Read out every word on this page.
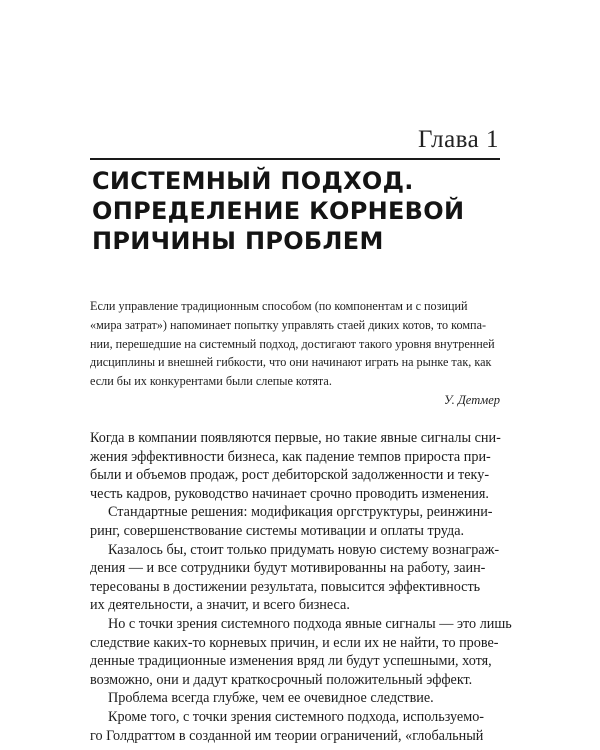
Глава 1
СИСТЕМНЫЙ ПОДХОД.
ОПРЕДЕЛЕНИЕ КОРНЕВОЙ
ПРИЧИНЫ ПРОБЛЕМ
Если управление традиционным способом (по компонентам и с позиций
«мира затрат») напоминает попытку управлять стаей диких котов, то компа-
нии, перешедшие на системный подход, достигают такого уровня внутренней
дисциплины и внешней гибкости, что они начинают играть на рынке так, как
если бы их конкурентами были слепые котята.
У. Детмер

Когда в компании появляются первые, но такие явные сигналы сни-
жения эффективности бизнеса, как падение темпов прироста при-
были и объемов продаж, рост дебиторской задолженности и теку-
честь кадров, руководство начинает срочно проводить изменения.

Стандартные решения: модификация оргструктуры, реинжини-
ринг, совершенствование системы мотивации и оплаты труда.

Казалось бы, стоит только придумать новую систему вознаграж-
дения — и все сотрудники будут мотивированны на работу, заин-
тересованы в достижении результата, повысится эффективность
их деятельности, а значит, и всего бизнеса.

Но с точки зрения системного подхода явные сигналы — это лишь
следствие каких-то корневых причин, и если их не найти, то прове-
денные традиционные изменения вряд ли будут успешными, хотя,
возможно, они и дадут краткосрочный положительный эффект.

Проблема всегда глубже, чем ее очевидное следствие.

Кроме того, с точки зрения системного подхода, используемо-
го Голдраттом в созданной им теории ограничений, «глобальный
